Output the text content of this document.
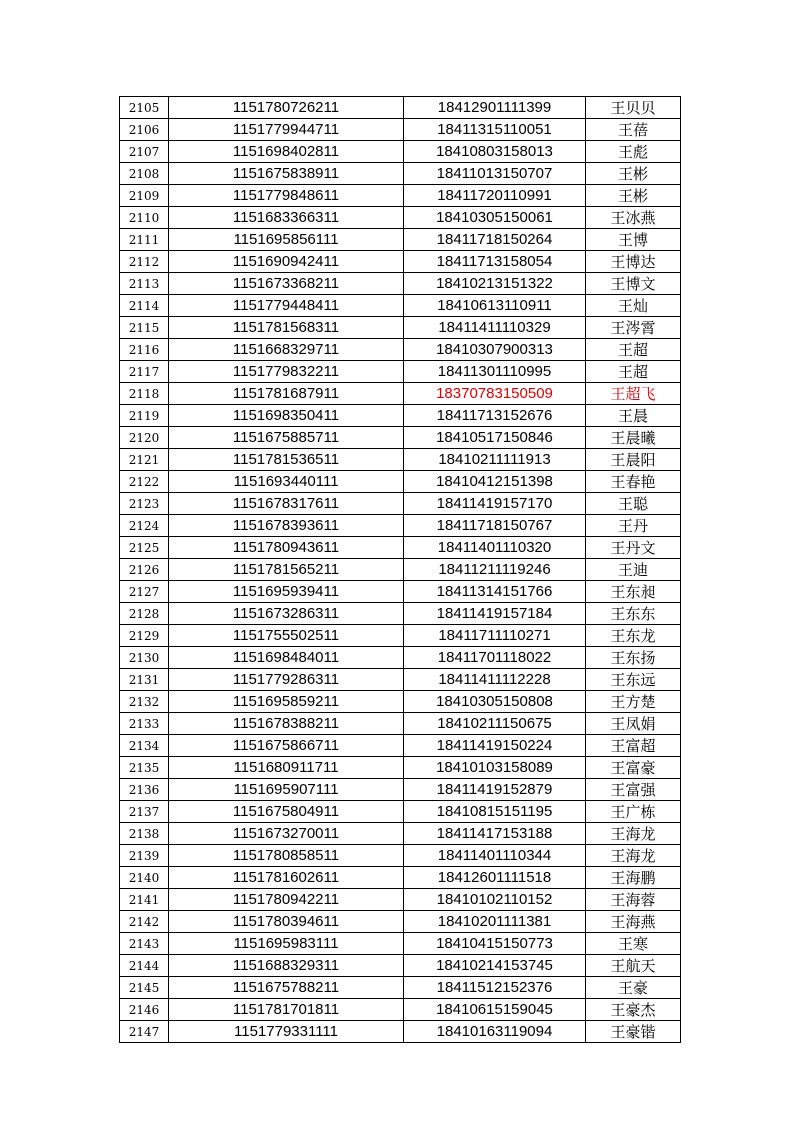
2105	1151780726211	18412901111399	王贝贝
2106	1151779944711	18411315110051	王蓓
2107	1151698402811	18410803158013	王彪
2108	1151675838911	18411013150707	王彬
2109	1151779848611	18411720110991	王彬
2110	1151683366311	18410305150061	王冰燕
2111	1151695856111	18411718150264	王博
2112	1151690942411	18411713158054	王博达
2113	1151673368211	18410213151322	王博文
2114	1151779448411	18410613110911	王灿
2115	1151781568311	18411411110329	王涔霄
2116	1151668329711	18410307900313	王超
2117	1151779832211	18411301110995	王超
2118	1151781687911	18370783150509	王超飞
2119	1151698350411	18411713152676	王晨
2120	1151675885711	18410517150846	王晨曦
2121	1151781536511	18410211111913	王晨阳
2122	1151693440111	18410412151398	王春艳
2123	1151678317611	18411419157170	王聪
2124	1151678393611	18411718150767	王丹
2125	1151780943611	18411401110320	王丹文
2126	1151781565211	18411211119246	王迪
2127	1151695939411	18411314151766	王东昶
2128	1151673286311	18411419157184	王东东
2129	1151755502511	18411711110271	王东龙
2130	1151698484011	18411701118022	王东扬
2131	1151779286311	18411411112228	王东远
2132	1151695859211	18410305150808	王方楚
2133	1151678388211	18410211150675	王凤娟
2134	1151675866711	18411419150224	王富超
2135	1151680911711	18410103158089	王富豪
2136	1151695907111	18411419152879	王富强
2137	1151675804911	18410815151195	王广栋
2138	1151673270011	18411417153188	王海龙
2139	1151780858511	18411401110344	王海龙
2140	1151781602611	18412601111518	王海鹏
2141	1151780942211	18410102110152	王海蓉
2142	1151780394611	18410201111381	王海燕
2143	1151695983111	18410415150773	王寒
2144	1151688329311	18410214153745	王航天
2145	1151675788211	18411512152376	王豪
2146	1151781701811	18410615159045	王豪杰
2147	1151779331111	18410163119094	王豪锴
